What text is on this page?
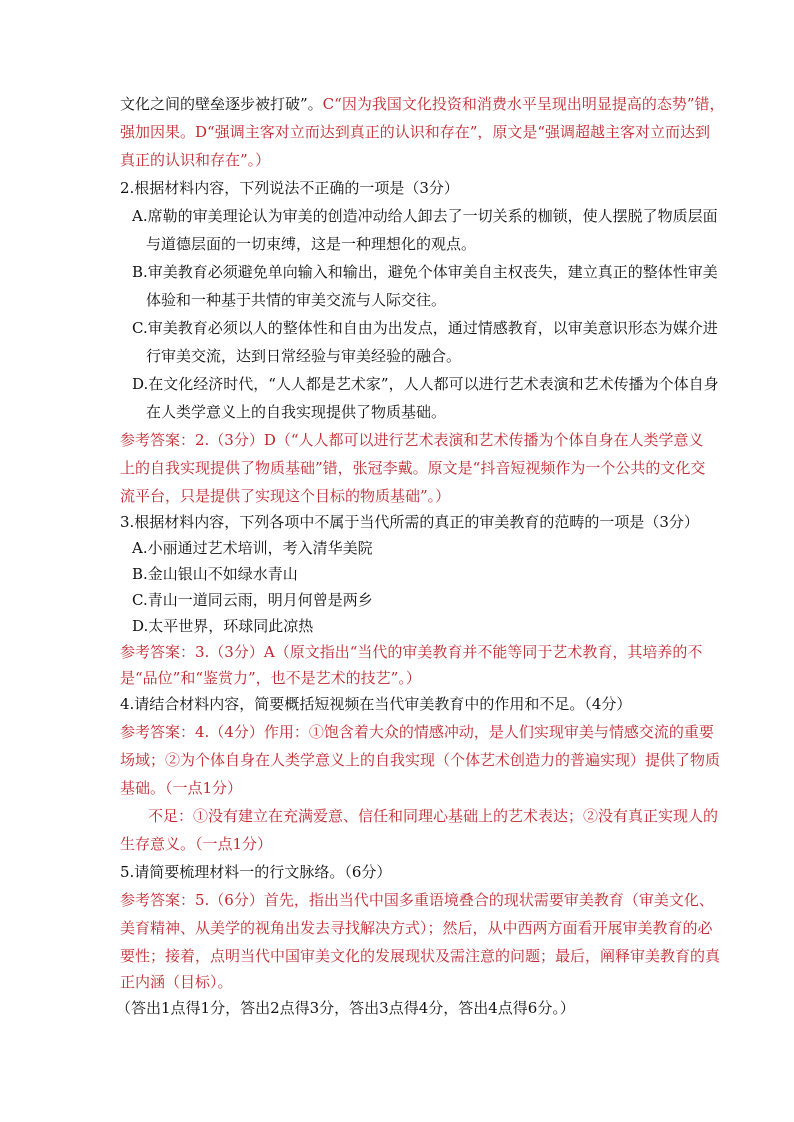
文化之间的壁垒逐步被打破”。C“因为我国文化投资和消费水平呈现出明显提高的态势”错，
强加因果。D“强调主客对立而达到真正的认识和存在”，原文是“强调超越主客对立而达到
真正的认识和存在”。）
2.根据材料内容，下列说法不正确的一项是（3分）
A.席勒的审美理论认为审美的创造冲动给人卸去了一切关系的枷锁，使人摆脱了物质层面
与道德层面的一切束缚，这是一种理想化的观点。
B.审美教育必须避免单向输入和输出，避免个体审美自主权丧失，建立真正的整体性审美
体验和一种基于共情的审美交流与人际交往。
C.审美教育必须以人的整体性和自由为出发点，通过情感教育，以审美意识形态为媒介进
行审美交流，达到日常经验与审美经验的融合。
D.在文化经济时代，“人人都是艺术家”，人人都可以进行艺术表演和艺术传播为个体自身
在人类学意义上的自我实现提供了物质基础。
参考答案：2.（3分）D（“人人都可以进行艺术表演和艺术传播为个体自身在人类学意义
上的自我实现提供了物质基础”错，张冠李戴。原文是“抖音短视频作为一个公共的文化交
流平台，只是提供了实现这个目标的物质基础”。）
3.根据材料内容，下列各项中不属于当代所需的真正的审美教育的范畴的一项是（3分）
A.小丽通过艺术培训，考入清华美院
B.金山银山不如绿水青山
C.青山一道同云雨，明月何曾是两乡
D.太平世界，环球同此凉热
参考答案：3.（3分）A（原文指出“当代的审美教育并不能等同于艺术教育，其培养的不
是“品位”和“鉴赏力”，也不是艺术的技艺”。）
4.请结合材料内容，简要概括短视频在当代审美教育中的作用和不足。（4分）
参考答案：4.（4分）作用：①饱含着大众的情感冲动，是人们实现审美与情感交流的重要
场域；②为个体自身在人类学意义上的自我实现（个体艺术创造力的普遍实现）提供了物质
基础。（一点1分）
不足：①没有建立在充满爱意、信任和同理心基础上的艺术表达；②没有真正实现人的
生存意义。（一点1分）
5.请简要梳理材料一的行文脉络。（6分）
参考答案：5.（6分）首先，指出当代中国多重语境叠合的现状需要审美教育（审美文化、
美育精神、从美学的视角出发去寻找解决方式）；然后，从中西两方面看开展审美教育的必
要性；接着，点明当代中国审美文化的发展现状及需注意的问题；最后，阐释审美教育的真
正内涵（目标）。
（答出1点得1分，答出2点得3分，答出3点得4分，答出4点得6分。）
